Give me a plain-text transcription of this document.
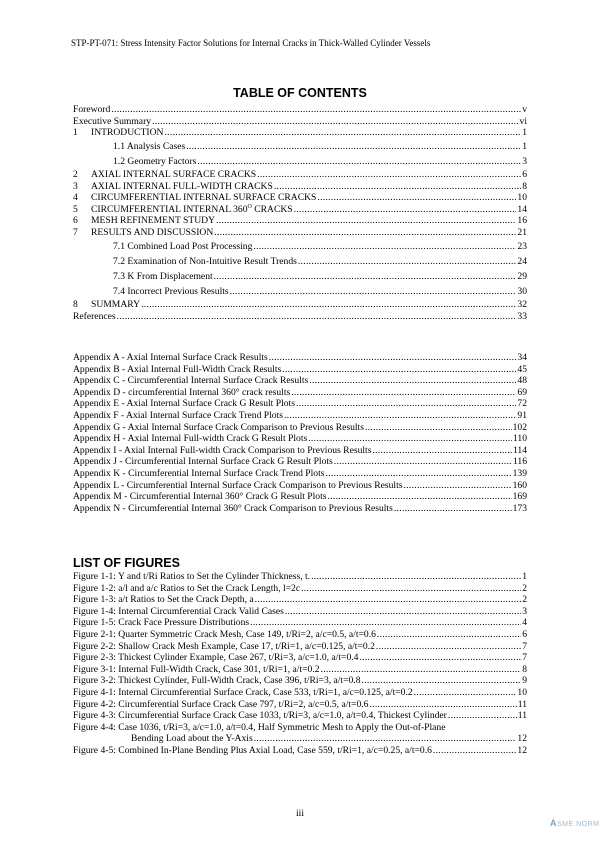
STP-PT-071: Stress Intensity Factor Solutions for Internal Cracks in Thick-Walled Cylinder Vessels
TABLE OF CONTENTS
Foreword .....	v
Executive Summary .....	vi
1	INTRODUCTION .....	1
1.1 Analysis Cases .....	1
1.2 Geometry Factors .....	3
2	AXIAL INTERNAL SURFACE CRACKS .....	6
3	AXIAL INTERNAL FULL-WIDTH CRACKS .....	8
4	CIRCUMFERENTIAL INTERNAL SURFACE CRACKS .....	10
5	CIRCUMFERENTIAL INTERNAL $360^O$ CRACKS .....	14
6	MESH REFINEMENT STUDY .....	16
7	RESULTS AND DISCUSSION .....	21
7.1 Combined Load Post Processing .....	23
7.2 Examination of Non-Intuitive Result Trends .....	24
7.3 K From Displacement .....	29
7.4 Incorrect Previous Results .....	30
8	SUMMARY .....	32
References .....	33
Appendix A - Axial Internal Surface Crack Results .....	34
Appendix B - Axial Internal Full-Width Crack Results .....	45
Appendix C - Circumferential Internal Surface Crack Results .....	48
Appendix D - circumferential Internal 360° crack results .....	69
Appendix E - Axial Internal Surface Crack G Result Plots .....	72
Appendix F - Axial Internal Surface Crack Trend Plots .....	91
Appendix G - Axial Internal Surface Crack Comparison to Previous Results .....	102
Appendix H - Axial Internal Full-width Crack G Result Plots .....	110
Appendix I - Axial Internal Full-width Crack Comparison to Previous Results .....	114
Appendix J - Circumferential Internal Surface Crack G Result Plots .....	116
Appendix K - Circumferential Internal Surface Crack Trend Plots .....	139
Appendix L - Circumferential Internal Surface Crack Comparison to Previous Results .....	160
Appendix M - Circumferential Internal 360° Crack G Result Plots .....	169
Appendix N - Circumferential Internal 360° Crack Comparison to Previous Results .....	173
LIST OF FIGURES
Figure 1-1: Y and t/Ri Ratios to Set the Cylinder Thickness, t. .....	1
Figure 1-2: a/l and a/c Ratios to Set the Crack Length, l=2c .....	2
Figure 1-3: a/t Ratios to Set the Crack Depth, a .....	2
Figure 1-4: Internal Circumferential Crack Valid Cases .....	3
Figure 1-5: Crack Face Pressure Distributions .....	4
Figure 2-1: Quarter Symmetric Crack Mesh, Case 149, t/Ri=2, a/c=0.5, a/t=0.6 .....	6
Figure 2-2: Shallow Crack Mesh Example, Case 17, t/Ri=1, a/c=0.125, a/t=0.2 .....	7
Figure 2-3: Thickest Cylinder Example, Case 267, t/Ri=3, a/c=1.0, a/t=0.4 .....	7
Figure 3-1: Internal Full-Width Crack, Case 301, t/Ri=1, a/t=0.2 .....	8
Figure 3-2: Thickest Cylinder, Full-Width Crack, Case 396, t/Ri=3, a/t=0.8 .....	9
Figure 4-1: Internal Circumferential Surface Crack, Case 533, t/Ri=1, a/c=0.125, a/t=0.2 .....	10
Figure 4-2: Circumferential Surface Crack Case 797, t/Ri=2, a/c=0.5, a/t=0.6 .....	11
Figure 4-3: Circumferential Surface Crack Case 1033, t/Ri=3, a/c=1.0, a/t=0.4, Thickest Cylinder .....	11
Figure 4-4: Case 1036, t/Ri=3, a/c=1.0, a/t=0.4, Half Symmetric Mesh to Apply the Out-of-Plane
Bending Load about the Y-Axis .....	12
Figure 4-5: Combined In-Plane Bending Plus Axial Load, Case 559, t/Ri=1, a/c=0.25, a/t=0.6 .....	12
iii
ASME NORM
